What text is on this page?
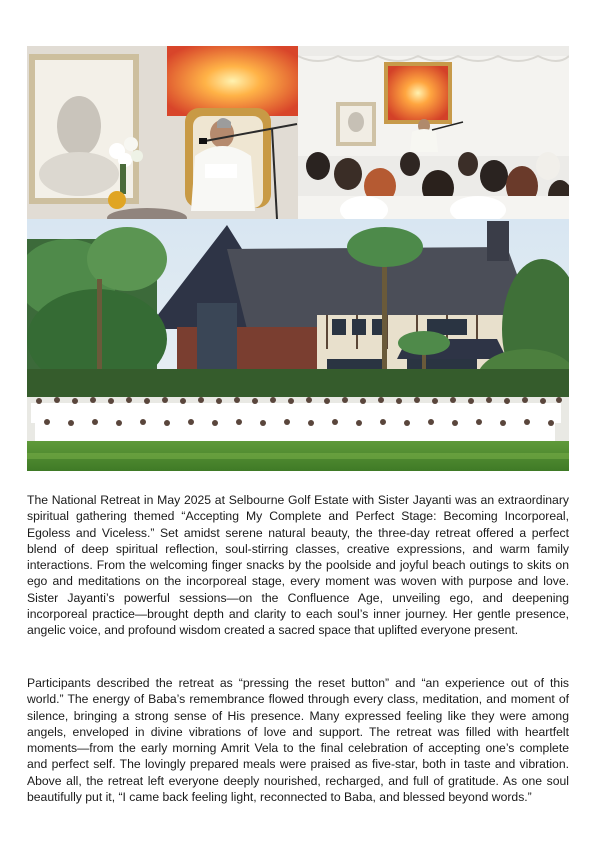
The National Retreat in May 2025 at Selbourne Golf Estate with Sister Jayanti was an extraordinary spiritual gathering themed “Accepting My Complete and Perfect Stage: Becoming Incorporeal, Egoless and Viceless.” Set amidst serene natural beauty, the three-day retreat offered a perfect blend of deep spiritual reflection, soul-stirring classes, creative expressions, and warm family interactions. From the welcoming finger snacks by the poolside and joyful beach outings to skits on ego and meditations on the incorporeal stage, every moment was woven with purpose and love. Sister Jayanti’s powerful sessions—on the Confluence Age, unveiling ego, and deepening incorporeal practice—brought depth and clarity to each soul’s inner journey. Her gentle presence, angelic voice, and profound wisdom created a sacred space that uplifted everyone present.

Participants described the retreat as “pressing the reset button” and “an experience out of this world.” The energy of Baba’s remembrance flowed through every class, meditation, and moment of silence, bringing a strong sense of His presence. Many expressed feeling like they were among angels, enveloped in divine vibrations of love and support. The retreat was filled with heartfelt moments—from the early morning Amrit Vela to the final celebration of accepting one’s complete and perfect self. The lovingly prepared meals were praised as five-star, both in taste and vibration. Above all, the retreat left everyone deeply nourished, recharged, and full of gratitude. As one soul beautifully put it, “I came back feeling light, reconnected to Baba, and blessed beyond words.”
